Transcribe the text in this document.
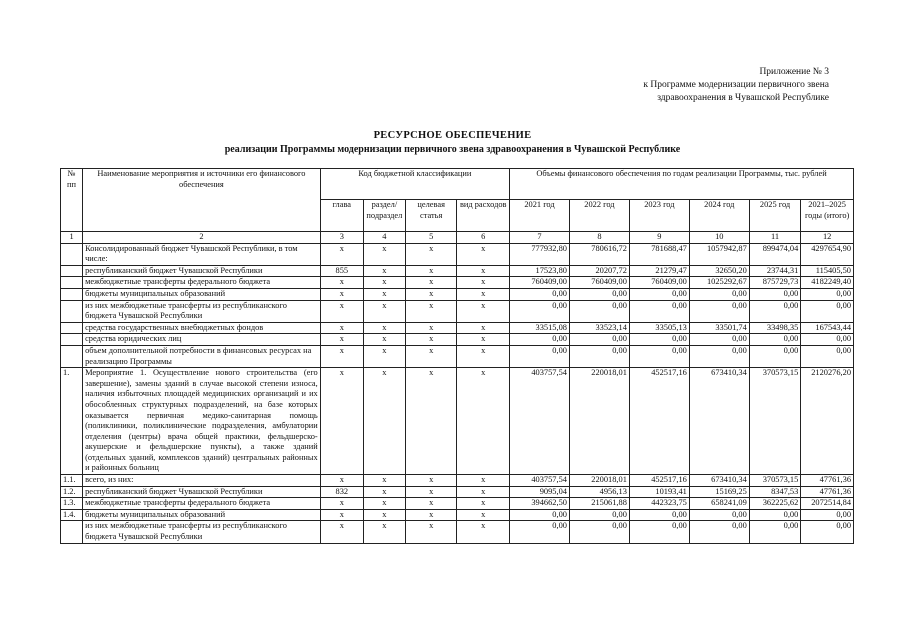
Приложение № 3
к Программе модернизации первичного звена
здравоохранения в Чувашской Республике
РЕСУРСНОЕ ОБЕСПЕЧЕНИЕ
реализации Программы модернизации первичного звена здравоохранения в Чувашской Республике
№ пп	Наименование мероприятия и источники его финансового обеспечения	Код бюджетной классификации				Объемы финансового обеспечения по годам реализации Программы, тыс. рублей					
		глава	раздел/ подраздел	целевая статья	вид расходов	2021 год	2022 год	2023 год	2024 год	2025 год	2021–2025 годы (итого)
1	2	3	4	5	6	7	8	9	10	11	12
	Консолидированный бюджет Чувашской Республики, в том числе:	x	x	x	x	777932,80	780616,72	781688,47	1057942,87	899474,04	4297654,90
	республиканский бюджет Чувашской Республики	855	x	x	x	17523,80	20207,72	21279,47	32650,20	23744,31	115405,50
	межбюджетные трансферты федерального бюджета	x	x	x	x	760409,00	760409,00	760409,00	1025292,67	875729,73	4182249,40
	бюджеты муниципальных образований	x	x	x	x	0,00	0,00	0,00	0,00	0,00	0,00
	из них межбюджетные трансферты из республиканского бюджета Чувашской Республики	x	x	x	x	0,00	0,00	0,00	0,00	0,00	0,00
	средства государственных внебюджетных фондов	x	x	x	x	33515,08	33523,14	33505,13	33501,74	33498,35	167543,44
	средства юридических лиц	x	x	x	x	0,00	0,00	0,00	0,00	0,00	0,00
	объем дополнительной потребности в финансовых ресурсах на реализацию Программы	x	x	x	x	0,00	0,00	0,00	0,00	0,00	0,00
1.	Мероприятие 1. Осуществление нового строительства (его завершение), замены зданий в случае высокой степени износа, наличия избыточных площадей медицинских организаций и их обособленных структурных подразделений, на базе которых оказывается первичная медико-санитарная помощь (поликлиники, поликлинические подразделения, амбулатории отделения (центры) врача общей практики, фельдшерско-акушерские и фельдшерские пункты), а также зданий (отдельных зданий, комплексов зданий) центральных районных и районных больниц	x	x	x	x	403757,54	220018,01	452517,16	673410,34	370573,15	2120276,20
1.1.	всего, из них:	x	x	x	x	403757,54	220018,01	452517,16	673410,34	370573,15	47761,36
1.2.	республиканский бюджет Чувашской Республики	832	x	x	x	9095,04	4956,13	10193,41	15169,25	8347,53	47761,36
1.3.	межбюджетные трансферты федерального бюджета	x	x	x	x	394662,50	215061,88	442323,75	658241,09	362225,62	2072514,84
1.4.	бюджеты муниципальных образований	x	x	x	x	0,00	0,00	0,00	0,00	0,00	0,00
	из них межбюджетные трансферты из республиканского бюджета Чувашской Республики	x	x	x	x	0,00	0,00	0,00	0,00	0,00	0,00
